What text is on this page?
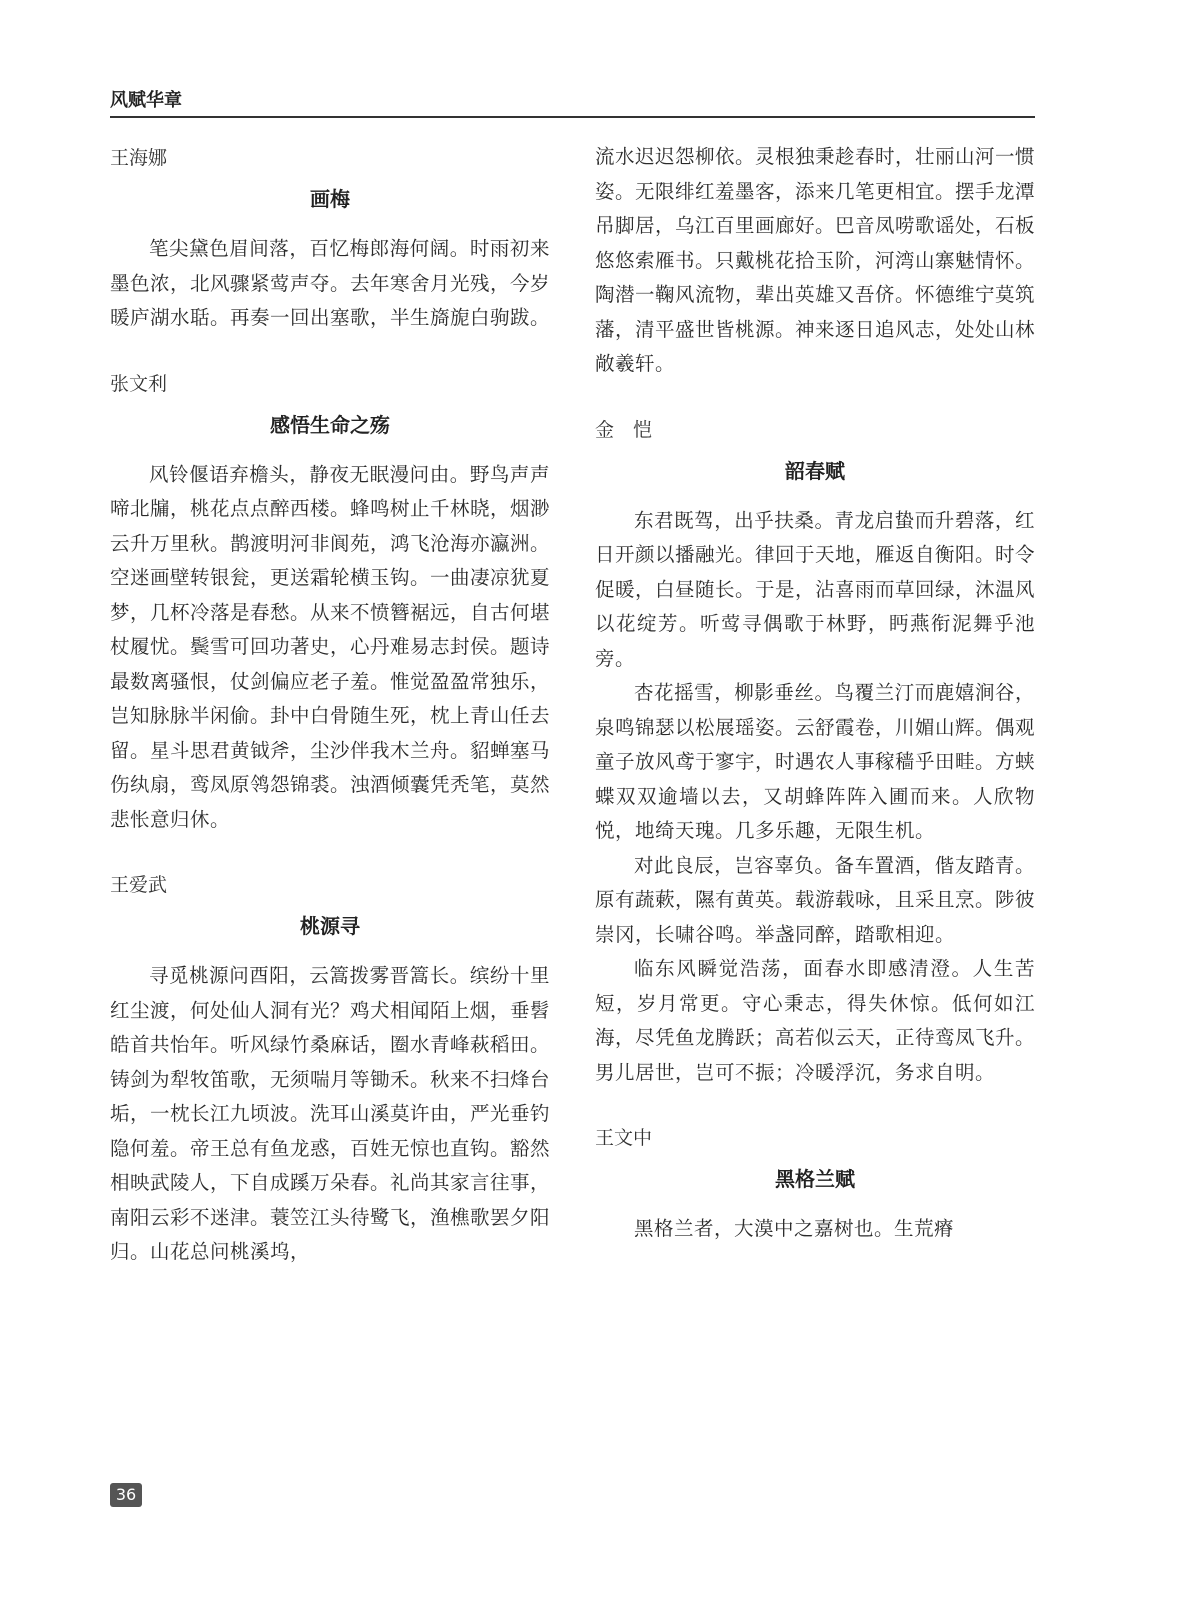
风赋华章

王海娜

画梅

笔尖黛色眉间落，百忆梅郎海何阔。时雨初来墨色浓，北风骤紧莺声夺。去年寒舍月光残，今岁暖庐湖水聒。再奏一回出塞歌，半生旖旎白驹跋。

张文利

感悟生命之殇

风铃偃语弃檐头，静夜无眠漫问由。野鸟声声啼北牖，桃花点点醉西楼。蜂鸣树止千林晓，烟渺云升万里秋。鹊渡明河非阆苑，鸿飞沧海亦瀛洲。空迷画壁转银瓮，更送霜轮横玉钩。一曲凄凉犹夏梦，几杯冷落是春愁。从来不愤簪裾远，自古何堪杖履忧。鬓雪可回功著史，心丹难易志封侯。题诗最数离骚恨，仗剑偏应老子羞。惟觉盈盈常独乐，岂知脉脉半闲偷。卦中白骨随生死，枕上青山任去留。星斗思君黄钺斧，尘沙伴我木兰舟。貂蝉塞马伤纨扇，鸾凤原鸰怨锦裘。浊酒倾囊凭秃笔，莫然悲怅意归休。

王爱武

桃源寻

寻觅桃源问酉阳，云篙拨雾晋篙长。缤纷十里红尘渡，何处仙人洞有光？鸡犬相闻陌上烟，垂髫皓首共怡年。听风绿竹桑麻话，圈水青峰萩稻田。铸剑为犁牧笛歌，无须喘月等锄禾。秋来不扫烽台垢，一枕长江九顷波。洗耳山溪莫许由，严光垂钓隐何羞。帝王总有鱼龙惑，百姓无惊也直钩。豁然相映武陵人，下自成蹊万朵春。礼尚其家言往事，南阳云彩不迷津。蓑笠江头待鹭飞，渔樵歌罢夕阳归。山花总问桃溪坞，

流水迟迟怨柳依。灵根独秉趁春时，壮丽山河一惯姿。无限绯红羞墨客，添来几笔更相宜。摆手龙潭吊脚居，乌江百里画廊好。巴音凤唠歌谣处，石板悠悠索雁书。只戴桃花拾玉阶，河湾山寨魅情怀。陶潜一鞠风流物，辈出英雄又吾侪。怀德维宁莫筑藩，清平盛世皆桃源。神来逐日追风志，处处山林敞羲轩。

金　恺

韶春赋

东君既驾，出乎扶桑。青龙启蛰而升碧落，红日开颜以播融光。律回于天地，雁返自衡阳。时令促暖，白昼随长。于是，沾喜雨而草回绿，沐温风以花绽芳。听莺寻偶歌于林野，眄燕衔泥舞乎池旁。

杏花摇雪，柳影垂丝。鸟覆兰汀而鹿嬉涧谷，泉鸣锦瑟以松展瑶姿。云舒霞卷，川媚山辉。偶观童子放风鸢于寥宇，时遇农人事稼穑乎田畦。方蛱蝶双双逾墙以去，又胡蜂阵阵入圃而来。人欣物悦，地绮天瑰。几多乐趣，无限生机。

对此良辰，岂容辜负。备车置酒，偕友踏青。原有蔬蔌，隰有黄英。载游载咏，且采且烹。陟彼崇冈，长啸谷鸣。举盏同醉，踏歌相迎。

临东风瞬觉浩荡，面春水即感清澄。人生苦短，岁月常更。守心秉志，得失休惊。低何如江海，尽凭鱼龙腾跃；高若似云天，正待鸾凤飞升。男儿居世，岂可不振；冷暖浮沉，务求自明。

王文中

黑格兰赋

黑格兰者，大漠中之嘉树也。生荒瘠

36
